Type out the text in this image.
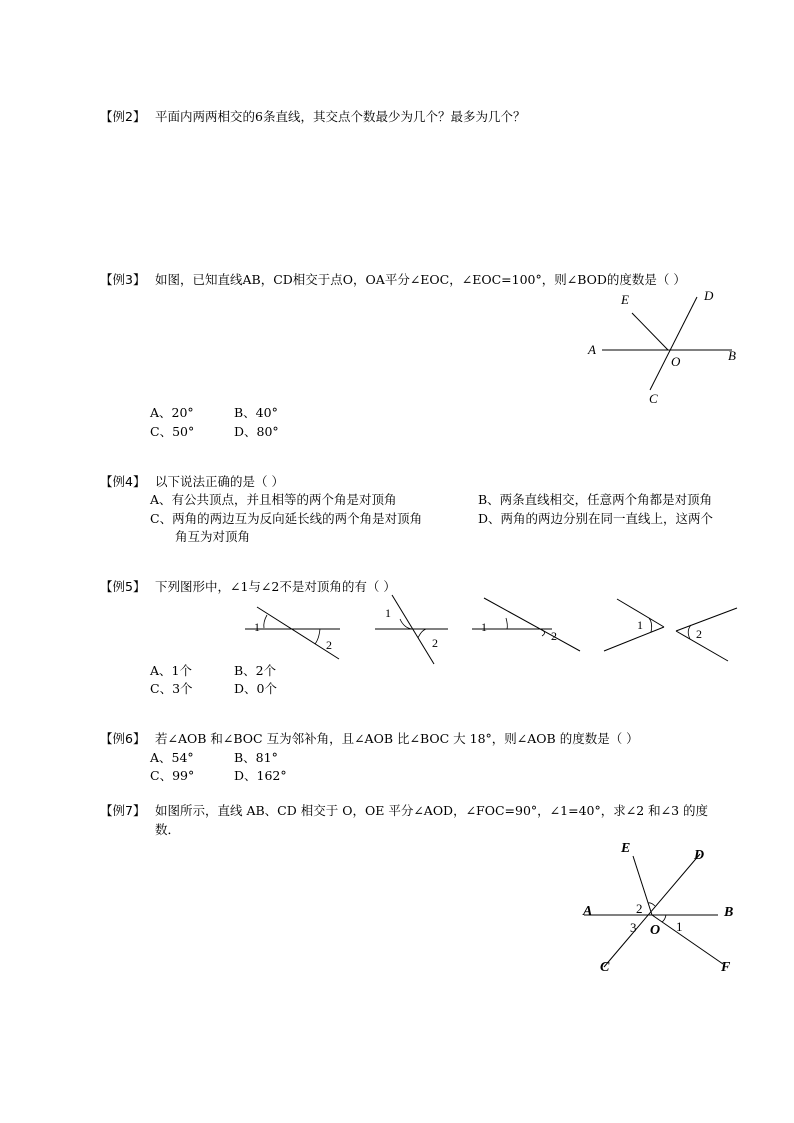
【例2】 平面内两两相交的6条直线，其交点个数最少为几个？最多为几个？
【例3】 如图，已知直线AB，CD相交于点O，OA平分∠EOC，∠EOC=100°，则∠BOD的度数是（ ）
E	D
A	B
O
C
A、20°	B、40°
C、50°	D、80°
【例4】 以下说法正确的是（ ）
A、有公共顶点，并且相等的两个角是对顶角	B、两条直线相交，任意两个角都是对顶角
C、两角的两边互为反向延长线的两个角是对顶角	D、两角的两边分别在同一直线上，这两个
角互为对顶角
【例5】 下列图形中，∠1与∠2不是对顶角的有（ ）
1
2
1
2
1
2
1
2
A、1个	B、2个
C、3个	D、0个
【例6】 若∠AOB 和∠BOC 互为邻补角，且∠AOB 比∠BOC 大 18°，则∠AOB 的度数是（ ）
A、54°	B、81°
C、99°	D、162°
【例7】 如图所示，直线 AB、CD 相交于 O，OE 平分∠AOD，∠FOC=90°，∠1=40°，求∠2 和∠3 的度
数．
E	D
A	B
O
C	F
2
3	1
